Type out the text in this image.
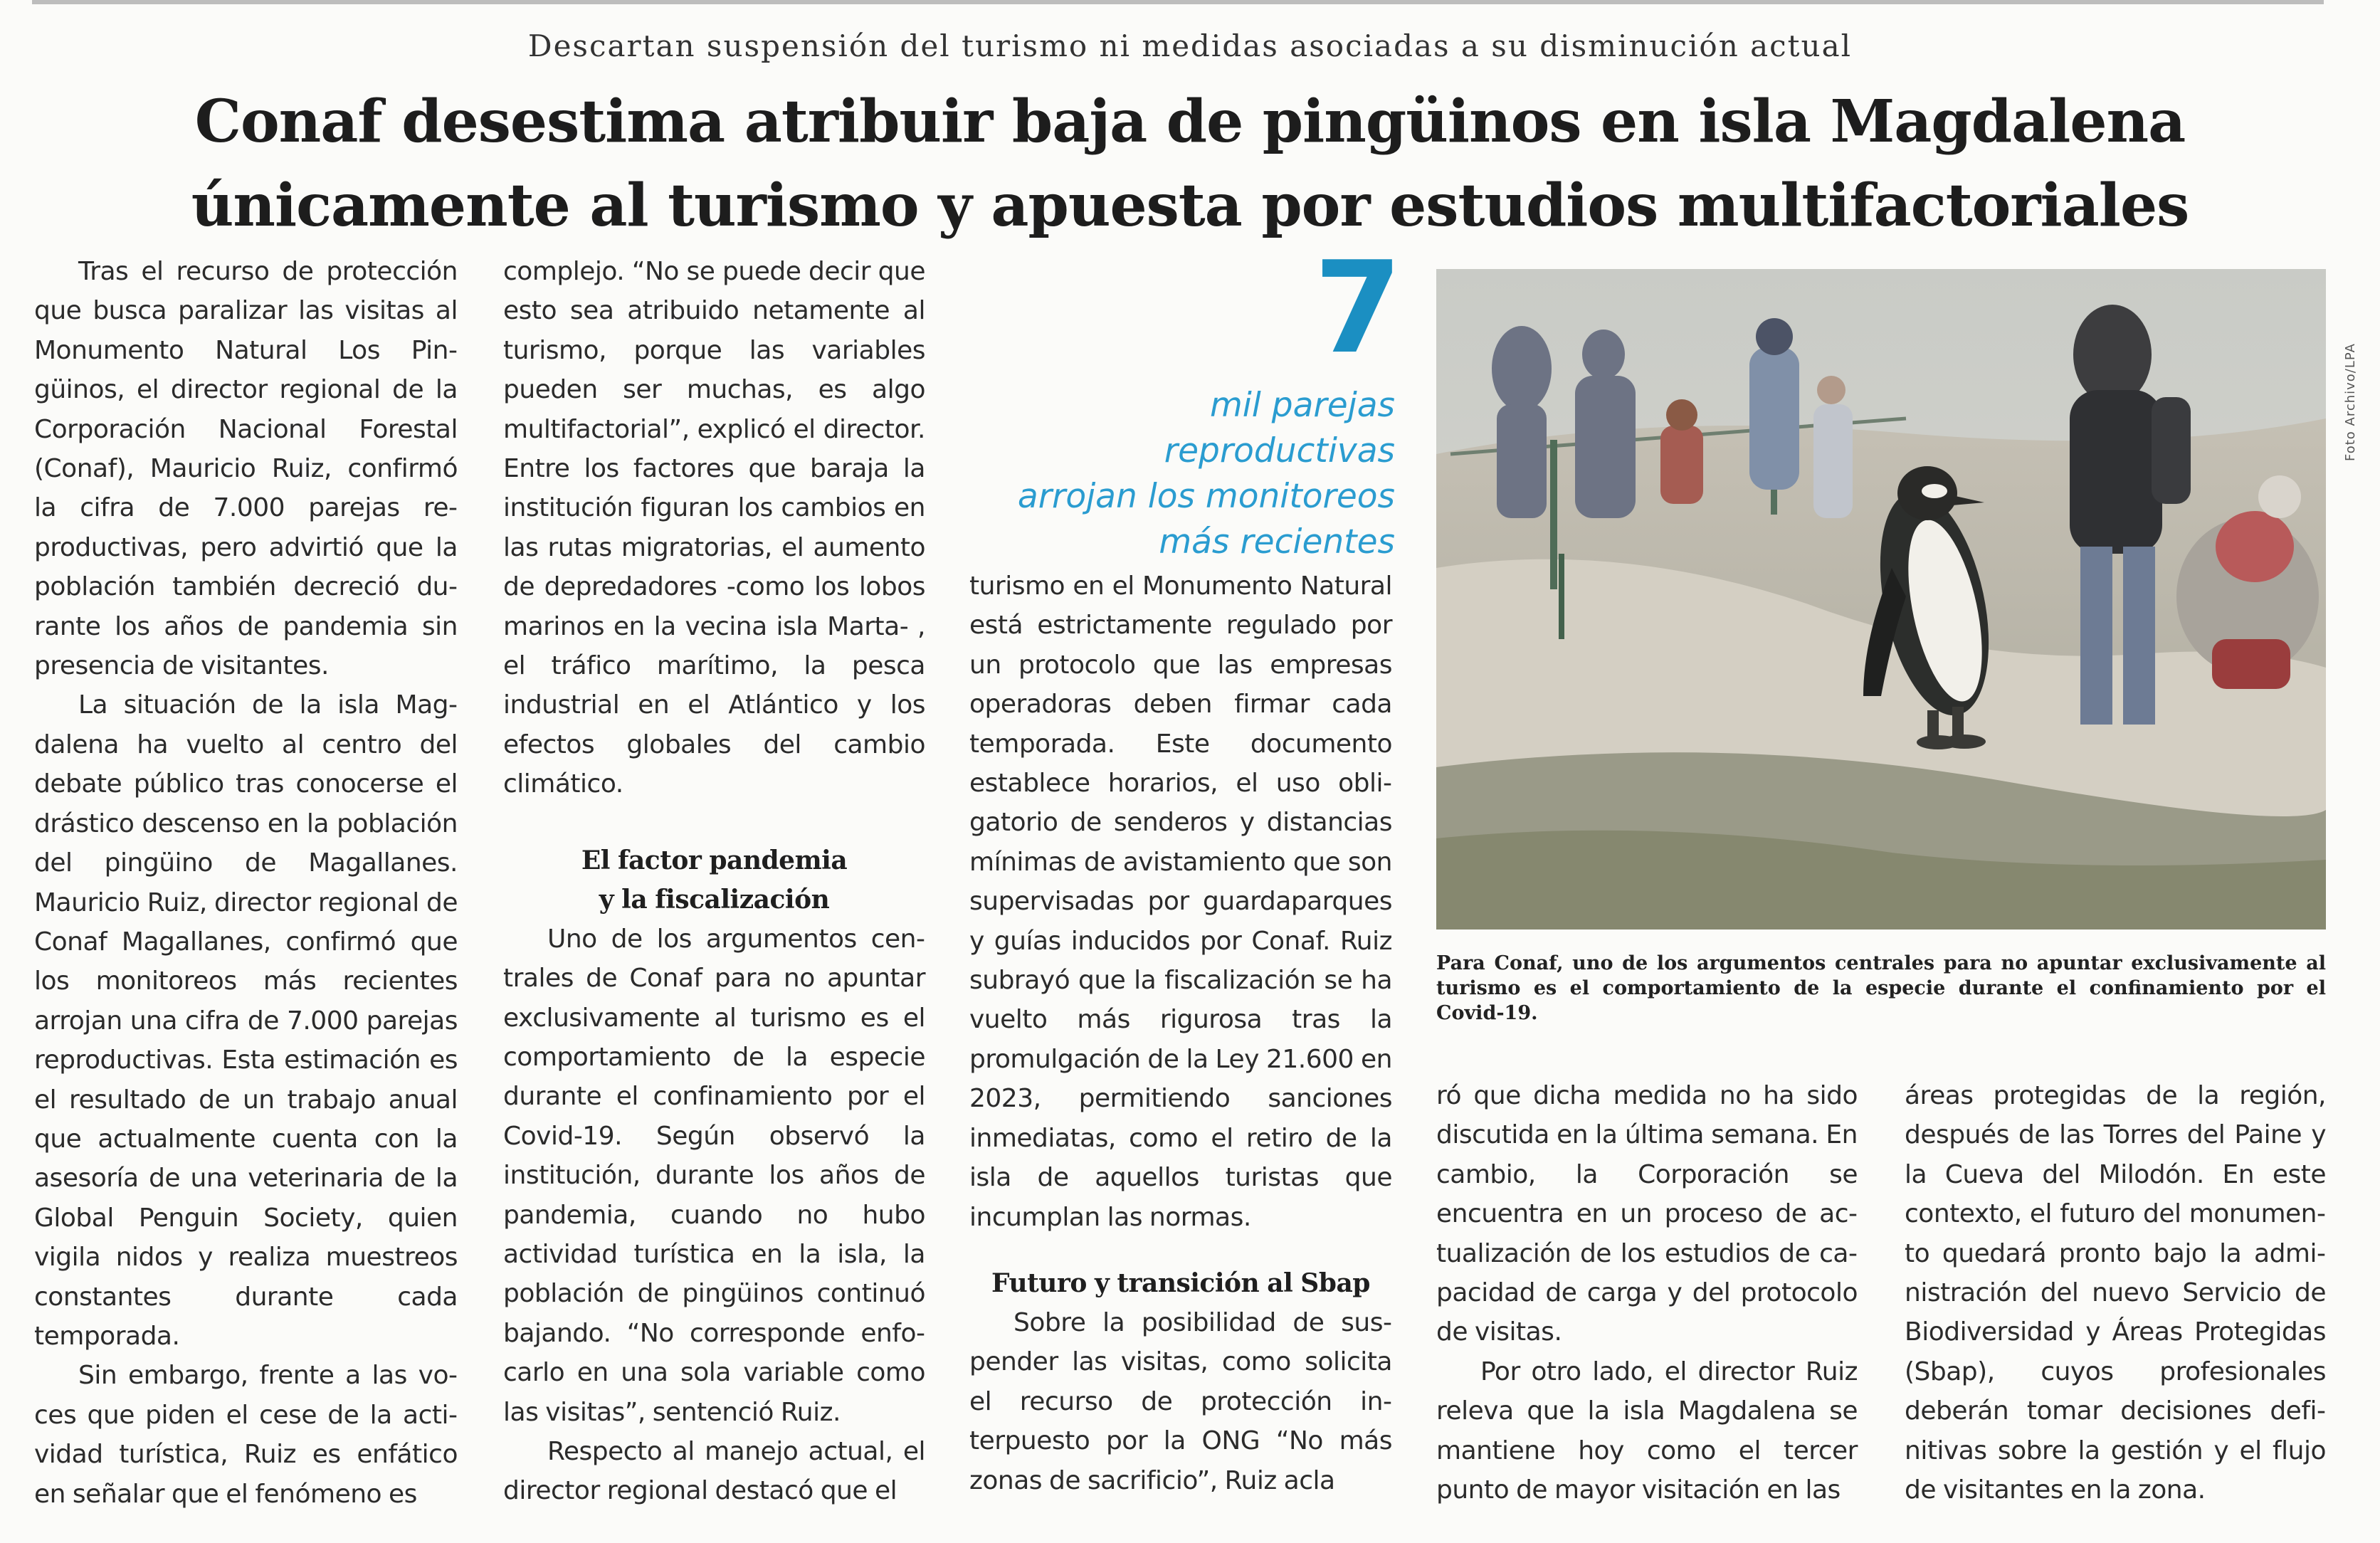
Descartan suspensión del turismo ni medidas asociadas a su disminución actual
Conaf desestima atribuir baja de pingüinos en isla Magdalena
únicamente al turismo y apuesta por estudios multifactoriales

Tras el recurso de protección que busca paralizar las visitas al Monumento Natural Los Pingüinos, el director regional de la Corporación Nacional Forestal (Conaf), Mauricio Ruiz, confirmó la cifra de 7.000 parejas reproductivas, pero advirtió que la población también decreció durante los años de pandemia sin presencia de visitantes.

La situación de la isla Magdalena ha vuelto al centro del debate público tras conocerse el drástico descenso en la población del pingüino de Magallanes. Mauricio Ruiz, director regional de Conaf Magallanes, confirmó que los monitoreos más recientes arrojan una cifra de 7.000 parejas reproductivas. Esta estimación es el resultado de un trabajo anual que actualmente cuenta con la asesoría de una veterinaria de la Global Penguin Society, quien vigila nidos y realiza muestreos constantes durante cada temporada.

Sin embargo, frente a las voces que piden el cese de la actividad turística, Ruiz es enfático en señalar que el fenómeno es

complejo. “No se puede decir que esto sea atribuido netamente al turismo, porque las variables pueden ser muchas, es algo multifactorial”, explicó el director. Entre los factores que baraja la institución figuran los cambios en las rutas migratorias, el aumento de depredadores -como los lobos marinos en la vecina isla Marta- , el tráfico marítimo, la pesca industrial en el Atlántico y los efectos globales del cambio climático.

El factor pandemia
y la fiscalización

Uno de los argumentos centrales de Conaf para no apuntar exclusivamente al turismo es el comportamiento de la especie durante el confinamiento por el Covid-19. Según observó la institución, durante los años de pandemia, cuando no hubo actividad turística en la isla, la población de pingüinos continuó bajando. “No corresponde enfocarlo en una sola variable como las visitas”, sentenció Ruiz.

Respecto al manejo actual, el director regional destacó que el

7
mil parejas reproductivas
arrojan los monitoreos
más recientes

turismo en el Monumento Natural está estrictamente regulado por un protocolo que las empresas operadoras deben firmar cada temporada. Este documento establece horarios, el uso obligatorio de senderos y distancias mínimas de avistamiento que son supervisadas por guardaparques y guías inducidos por Conaf. Ruiz subrayó que la fiscalización se ha vuelto más rigurosa tras la promulgación de la Ley 21.600 en 2023, permitiendo sanciones inmediatas, como el retiro de la isla de aquellos turistas que incumplan las normas.

Futuro y transición al Sbap

Sobre la posibilidad de suspender las visitas, como solicita el recurso de protección interpuesto por la ONG “No más zonas de sacrificio”, Ruiz acla

Foto Archivo/LPA
Para Conaf, uno de los argumentos centrales para no apuntar exclusivamente al turismo es el comportamiento de la especie durante el confinamiento por el Covid-19.

ró que dicha medida no ha sido discutida en la última semana. En cambio, la Corporación se encuentra en un proceso de actualización de los estudios de capacidad de carga y del protocolo de visitas.

Por otro lado, el director Ruiz releva que la isla Magdalena se mantiene hoy como el tercer punto de mayor visitación en las

áreas protegidas de la región, después de las Torres del Paine y la Cueva del Milodón. En este contexto, el futuro del monumento quedará pronto bajo la administración del nuevo Servicio de Biodiversidad y Áreas Protegidas (Sbap), cuyos profesionales deberán tomar decisiones definitivas sobre la gestión y el flujo de visitantes en la zona.
